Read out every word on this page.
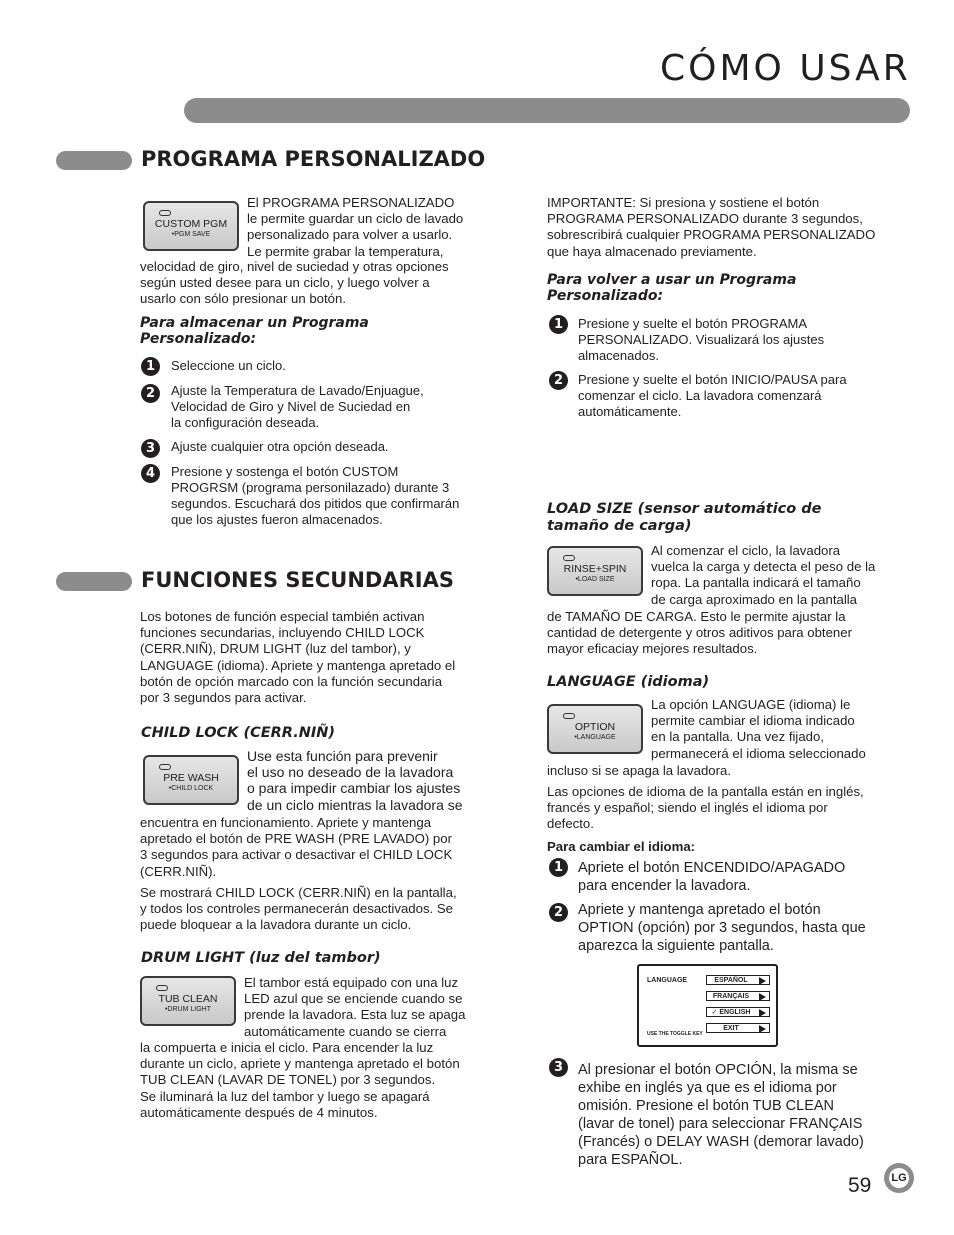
CÓMO USAR
PROGRAMA PERSONALIZADO
CUSTOM PGM
•PGM SAVE

El PROGRAMA PERSONALIZADO

le permite guardar un ciclo de lavado

personalizado para volver a usarlo.

Le permite grabar la temperatura,

velocidad de giro, nivel de suciedad y otras opciones

según usted desee para un ciclo, y luego volver a

usarlo con sólo presionar un botón.

Para almacenar un Programa
Personalizado:
1	Seleccione un ciclo.
2	Ajuste la Temperatura de Lavado/Enjuague,
Velocidad de Giro y Nivel de Suciedad en
la configuración deseada.
3	Ajuste cualquier otra opción deseada.
4	Presione y sostenga el botón CUSTOM
PROGRSM (programa personilazado) durante 3
segundos. Escuchará dos pitidos que confirmarán
que los ajustes fueron almacenados.

IMPORTANTE: Si presiona y sostiene el botón

PROGRAMA PERSONALIZADO durante 3 segundos,

sobrescribirá cualquier PROGRAMA PERSONALIZADO

que haya almacenado previamente.

Para volver a usar un Programa
Personalizado:
1	Presione y suelte el botón PROGRAMA
PERSONALIZADO. Visualizará los ajustes
almacenados.
2	Presione y suelte el botón INICIO/PAUSA para
comenzar el ciclo. La lavadora comenzará
automáticamente.
FUNCIONES SECUNDARIAS

Los botones de función especial también activan

funciones secundarias, incluyendo CHILD LOCK

(CERR.NIÑ), DRUM LIGHT (luz del tambor), y

LANGUAGE (idioma). Apriete y mantenga apretado el

botón de opción marcado con la función secundaria

por 3 segundos para activar.

CHILD LOCK (CERR.NIÑ)
PRE WASH
•CHILD LOCK

Use esta función para prevenir

el uso no deseado de la lavadora

o para impedir cambiar los ajustes

de un ciclo mientras la lavadora se

encuentra en funcionamiento. Apriete y mantenga

apretado el botón de PRE WASH (PRE LAVADO) por

3 segundos para activar o desactivar el CHILD LOCK

(CERR.NIÑ).

Se mostrará CHILD LOCK (CERR.NIÑ) en la pantalla,

y todos los controles permanecerán desactivados. Se

puede bloquear a la lavadora durante un ciclo.

DRUM LIGHT (luz del tambor)
TUB CLEAN
•DRUM LIGHT

El tambor está equipado con una luz

LED azul que se enciende cuando se

prende la lavadora. Esta luz se apaga

automáticamente cuando se cierra

la compuerta e inicia el ciclo. Para encender la luz

durante un ciclo, apriete y mantenga apretado el botón

TUB CLEAN (LAVAR DE TONEL) por 3 segundos.

Se iluminará la luz del tambor y luego se apagará

automáticamente después de 4 minutos.

LOAD SIZE (sensor automático de
tamaño de carga)
RINSE+SPIN
•LOAD SIZE

Al comenzar el ciclo, la lavadora

vuelca la carga y detecta el peso de la

ropa. La pantalla indicará el tamaño

de carga aproximado en la pantalla

de TAMAÑO DE CARGA. Esto le permite ajustar la

cantidad de detergente y otros aditivos para obtener

mayor eficaciay mejores resultados.

LANGUAGE (idioma)
OPTION
•LANGUAGE

La opción LANGUAGE (idioma) le

permite cambiar el idioma indicado

en la pantalla. Una vez fijado,

permanecerá el idioma seleccionado

incluso si se apaga la lavadora.

Las opciones de idioma de la pantalla están en inglés,

francés y español; siendo el inglés el idioma por

defecto.

Para cambiar el idioma:
1	Apriete el botón ENCENDIDO/APAGADO
para encender la lavadora.
2	Apriete y mantenga apretado el botón
OPTION (opción) por 3 segundos, hasta que
aparezca la siguiente pantalla.
LANGUAGE
USE THE TOGGLE KEY
ESPAÑOL
FRANÇAIS
✓ ENGLISH
EXIT
3	Al presionar el botón OPCIÓN, la misma se
exhibe en inglés ya que es el idioma por
omisión. Presione el botón TUB CLEAN
(lavar de tonel) para seleccionar FRANÇAIS
(Francés) o DELAY WASH (demorar lavado)
para ESPAÑOL.
59 LG
